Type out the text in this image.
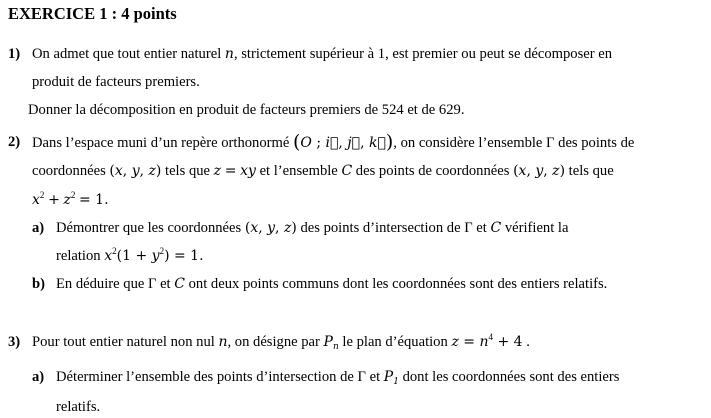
EXERCICE 1 : 4 points
1) On admet que tout entier naturel n, strictement supérieur à 1, est premier ou peut se décomposer en
produit de facteurs premiers.
Donner la décomposition en produit de facteurs premiers de 524 et de 629.
2) Dans l’espace muni d’un repère orthonormé (O ; i⃗, j⃗, k⃗), on considère l’ensemble Γ des points de
coordonnées (x, y, z) tels que z = xy et l’ensemble C des points de coordonnées (x, y, z) tels que
$x^2 + z^2 = 1$.
a) Démontrer que les coordonnées (x, y, z) des points d’intersection de Γ et C vérifient la
relation $x^2(1 + y^2) = 1$.
b) En déduire que Γ et C ont deux points communs dont les coordonnées sont des entiers relatifs.
3) Pour tout entier naturel non nul n, on désigne par $P_n$ le plan d’équation $z = n^4 + 4$ .
a) Déterminer l’ensemble des points d’intersection de Γ et $P_1$ dont les coordonnées sont des entiers
relatifs.
